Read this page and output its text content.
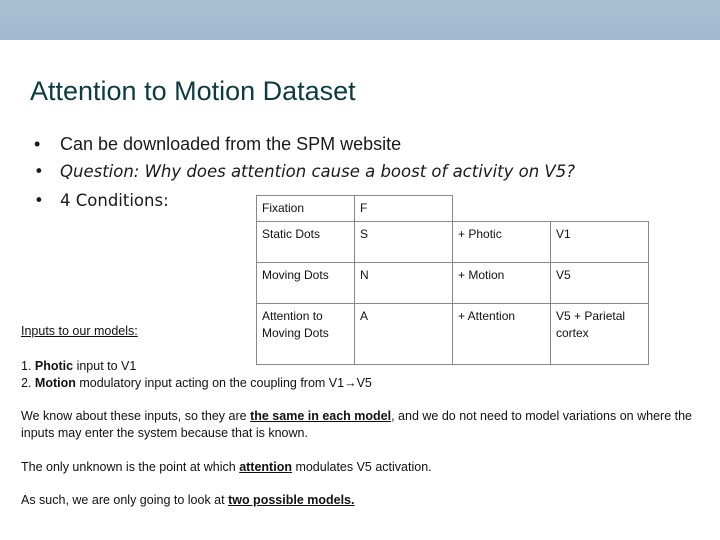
Attention to Motion Dataset
• Can be downloaded from the SPM website
• Question: Why does attention cause a boost of activity on V5?
• 4 Conditions:	Fixation	F		
Static Dots	S	+ Photic	V1
Moving Dots	N	+ Motion	V5
Attention to Moving Dots	A	+ Attention	V5 + Parietal cortex
Inputs to our models:
1. Photic input to V1
2. Motion modulatory input acting on the coupling from V1→V5
We know about these inputs, so they are the same in each model, and we do not need to model variations on where the inputs may enter the system because that is known.
The only unknown is the point at which attention modulates V5 activation.
As such, we are only going to look at two possible models.
